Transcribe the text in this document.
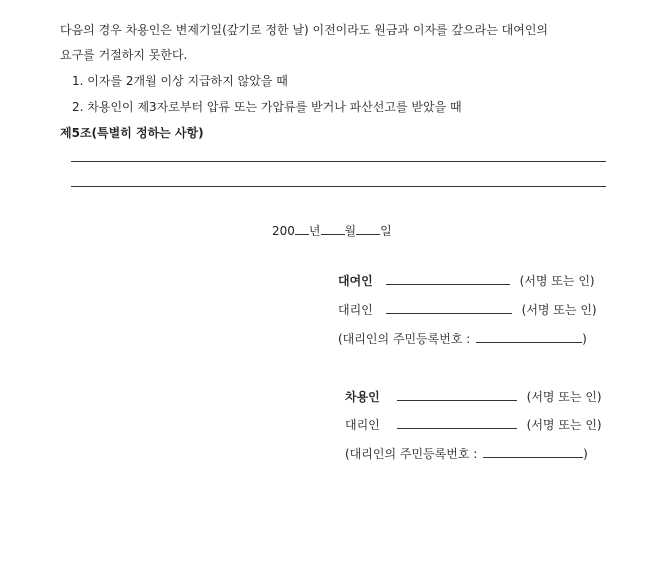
다음의 경우 차용인은 변제기일(갚기로 정한 날) 이전이라도 원금과 이자를 갚으라는 대여인의
요구를 거절하지 못한다.
1. 이자를 2개월 이상 지급하지 않았을 때
2. 차용인이 제3자로부터 압류 또는 가압류를 받거나 파산선고를 받았을 때
제5조(특별히 정하는 사항)
200 년 월 일
대여인	(서명 또는 인)
대리인	(서명 또는 인)
(대리인의 주민등록번호 :	)
차용인	(서명 또는 인)
대리인	(서명 또는 인)
(대리인의 주민등록번호 :	)
